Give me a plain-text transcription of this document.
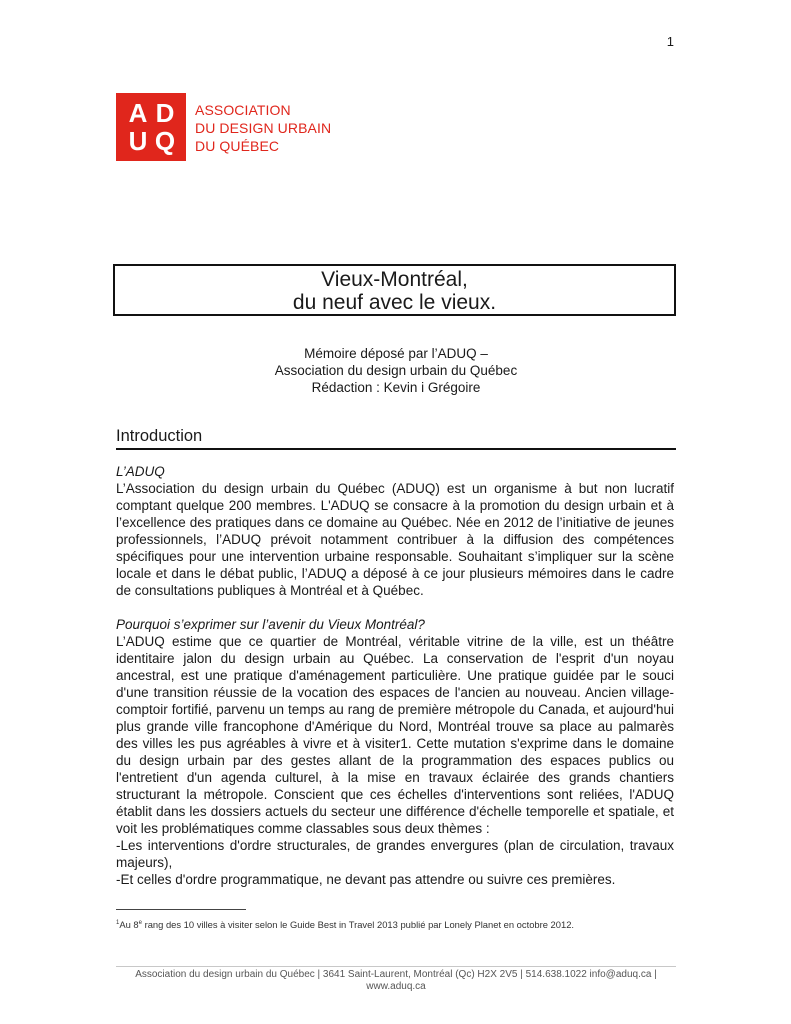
1
A D
U Q
ASSOCIATION
DU DESIGN URBAIN
DU QUÉBEC
Vieux-Montréal,
du neuf avec le vieux.
Mémoire déposé par l’ADUQ –
Association du design urbain du Québec
Rédaction : Kevin i Grégoire
Introduction

L’ADUQ

L’Association du design urbain du Québec (ADUQ) est un organisme à but non lucratif comptant quelque 200 membres. L'ADUQ se consacre à la promotion du design urbain et à l’excellence des pratiques dans ce domaine au Québec. Née en 2012 de l’initiative de jeunes professionnels, l’ADUQ prévoit notamment contribuer à la diffusion des compétences spécifiques pour une intervention urbaine responsable. Souhaitant s’impliquer sur la scène locale et dans le débat public, l’ADUQ a déposé à ce jour plusieurs mémoires dans le cadre de consultations publiques à Montréal et à Québec.

Pourquoi s’exprimer sur l’avenir du Vieux Montréal?

L’ADUQ estime que ce quartier de Montréal, véritable vitrine de la ville, est un théâtre identitaire jalon du design urbain au Québec. La conservation de l'esprit d'un noyau ancestral, est une pratique d'aménagement particulière. Une pratique guidée par le souci d'une transition réussie de la vocation des espaces de l'ancien au nouveau. Ancien village-comptoir fortifié, parvenu un temps au rang de première métropole du Canada, et aujourd'hui plus grande ville francophone d'Amérique du Nord, Montréal trouve sa place au palmarès des villes les pus agréables à vivre et à visiter1. Cette mutation s'exprime dans le domaine du design urbain par des gestes allant de la programmation des espaces publics ou l'entretient d'un agenda culturel, à la mise en travaux éclairée des grands chantiers structurant la métropole. Conscient que ces échelles d'interventions sont reliées, l'ADUQ établit dans les dossiers actuels du secteur une différence d'échelle temporelle et spatiale, et voit les problématiques comme classables sous deux thèmes :

-Les interventions d'ordre structurales, de grandes envergures (plan de circulation, travaux majeurs),

-Et celles d'ordre programmatique, ne devant pas attendre ou suivre ces premières.

$^1$Au 8e rang des 10 villes à visiter selon le Guide Best in Travel 2013 publié par Lonely Planet en octobre 2012.
Association du design urbain du Québec | 3641 Saint-Laurent, Montréal (Qc) H2X 2V5 | 514.638.1022 info@aduq.ca |
www.aduq.ca
